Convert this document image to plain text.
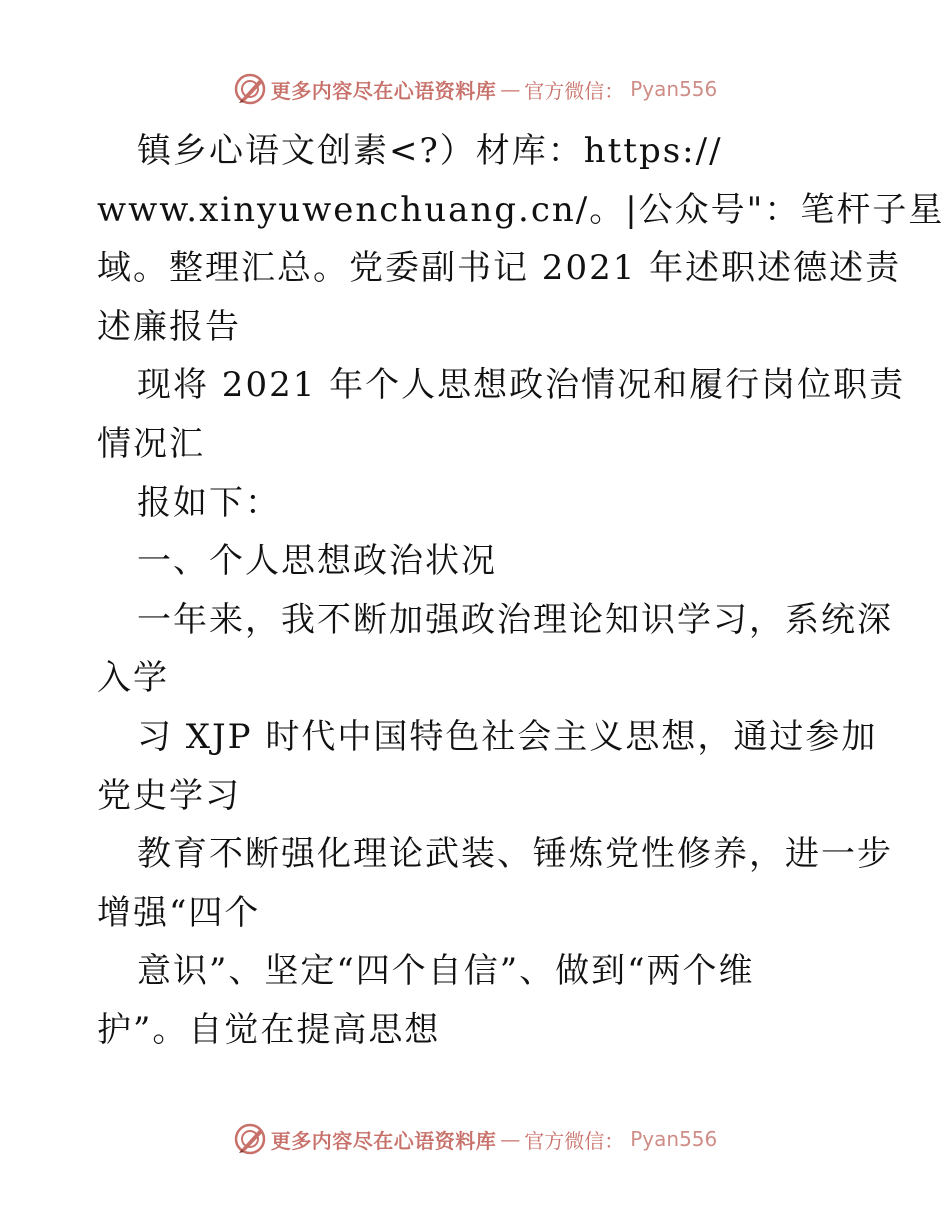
更多内容尽在心语资料库 — 官方微信： Pyan556
镇乡心语文创素<?）材库：https://
www.xinyuwenchuang.cn/。|公众号"：笔杆子星
域。整理汇总。党委副书记 2021 年述职述德述责
述廉报告
现将 2021 年个人思想政治情况和履行岗位职责
情况汇
报如下：
一、个人思想政治状况
一年来，我不断加强政治理论知识学习，系统深
入学
习 XJP 时代中国特色社会主义思想，通过参加
党史学习
教育不断强化理论武装、锤炼党性修养，进一步
增强“四个
意识”、坚定“四个自信”、做到“两个维
护”。自觉在提高思想
更多内容尽在心语资料库 — 官方微信： Pyan556
